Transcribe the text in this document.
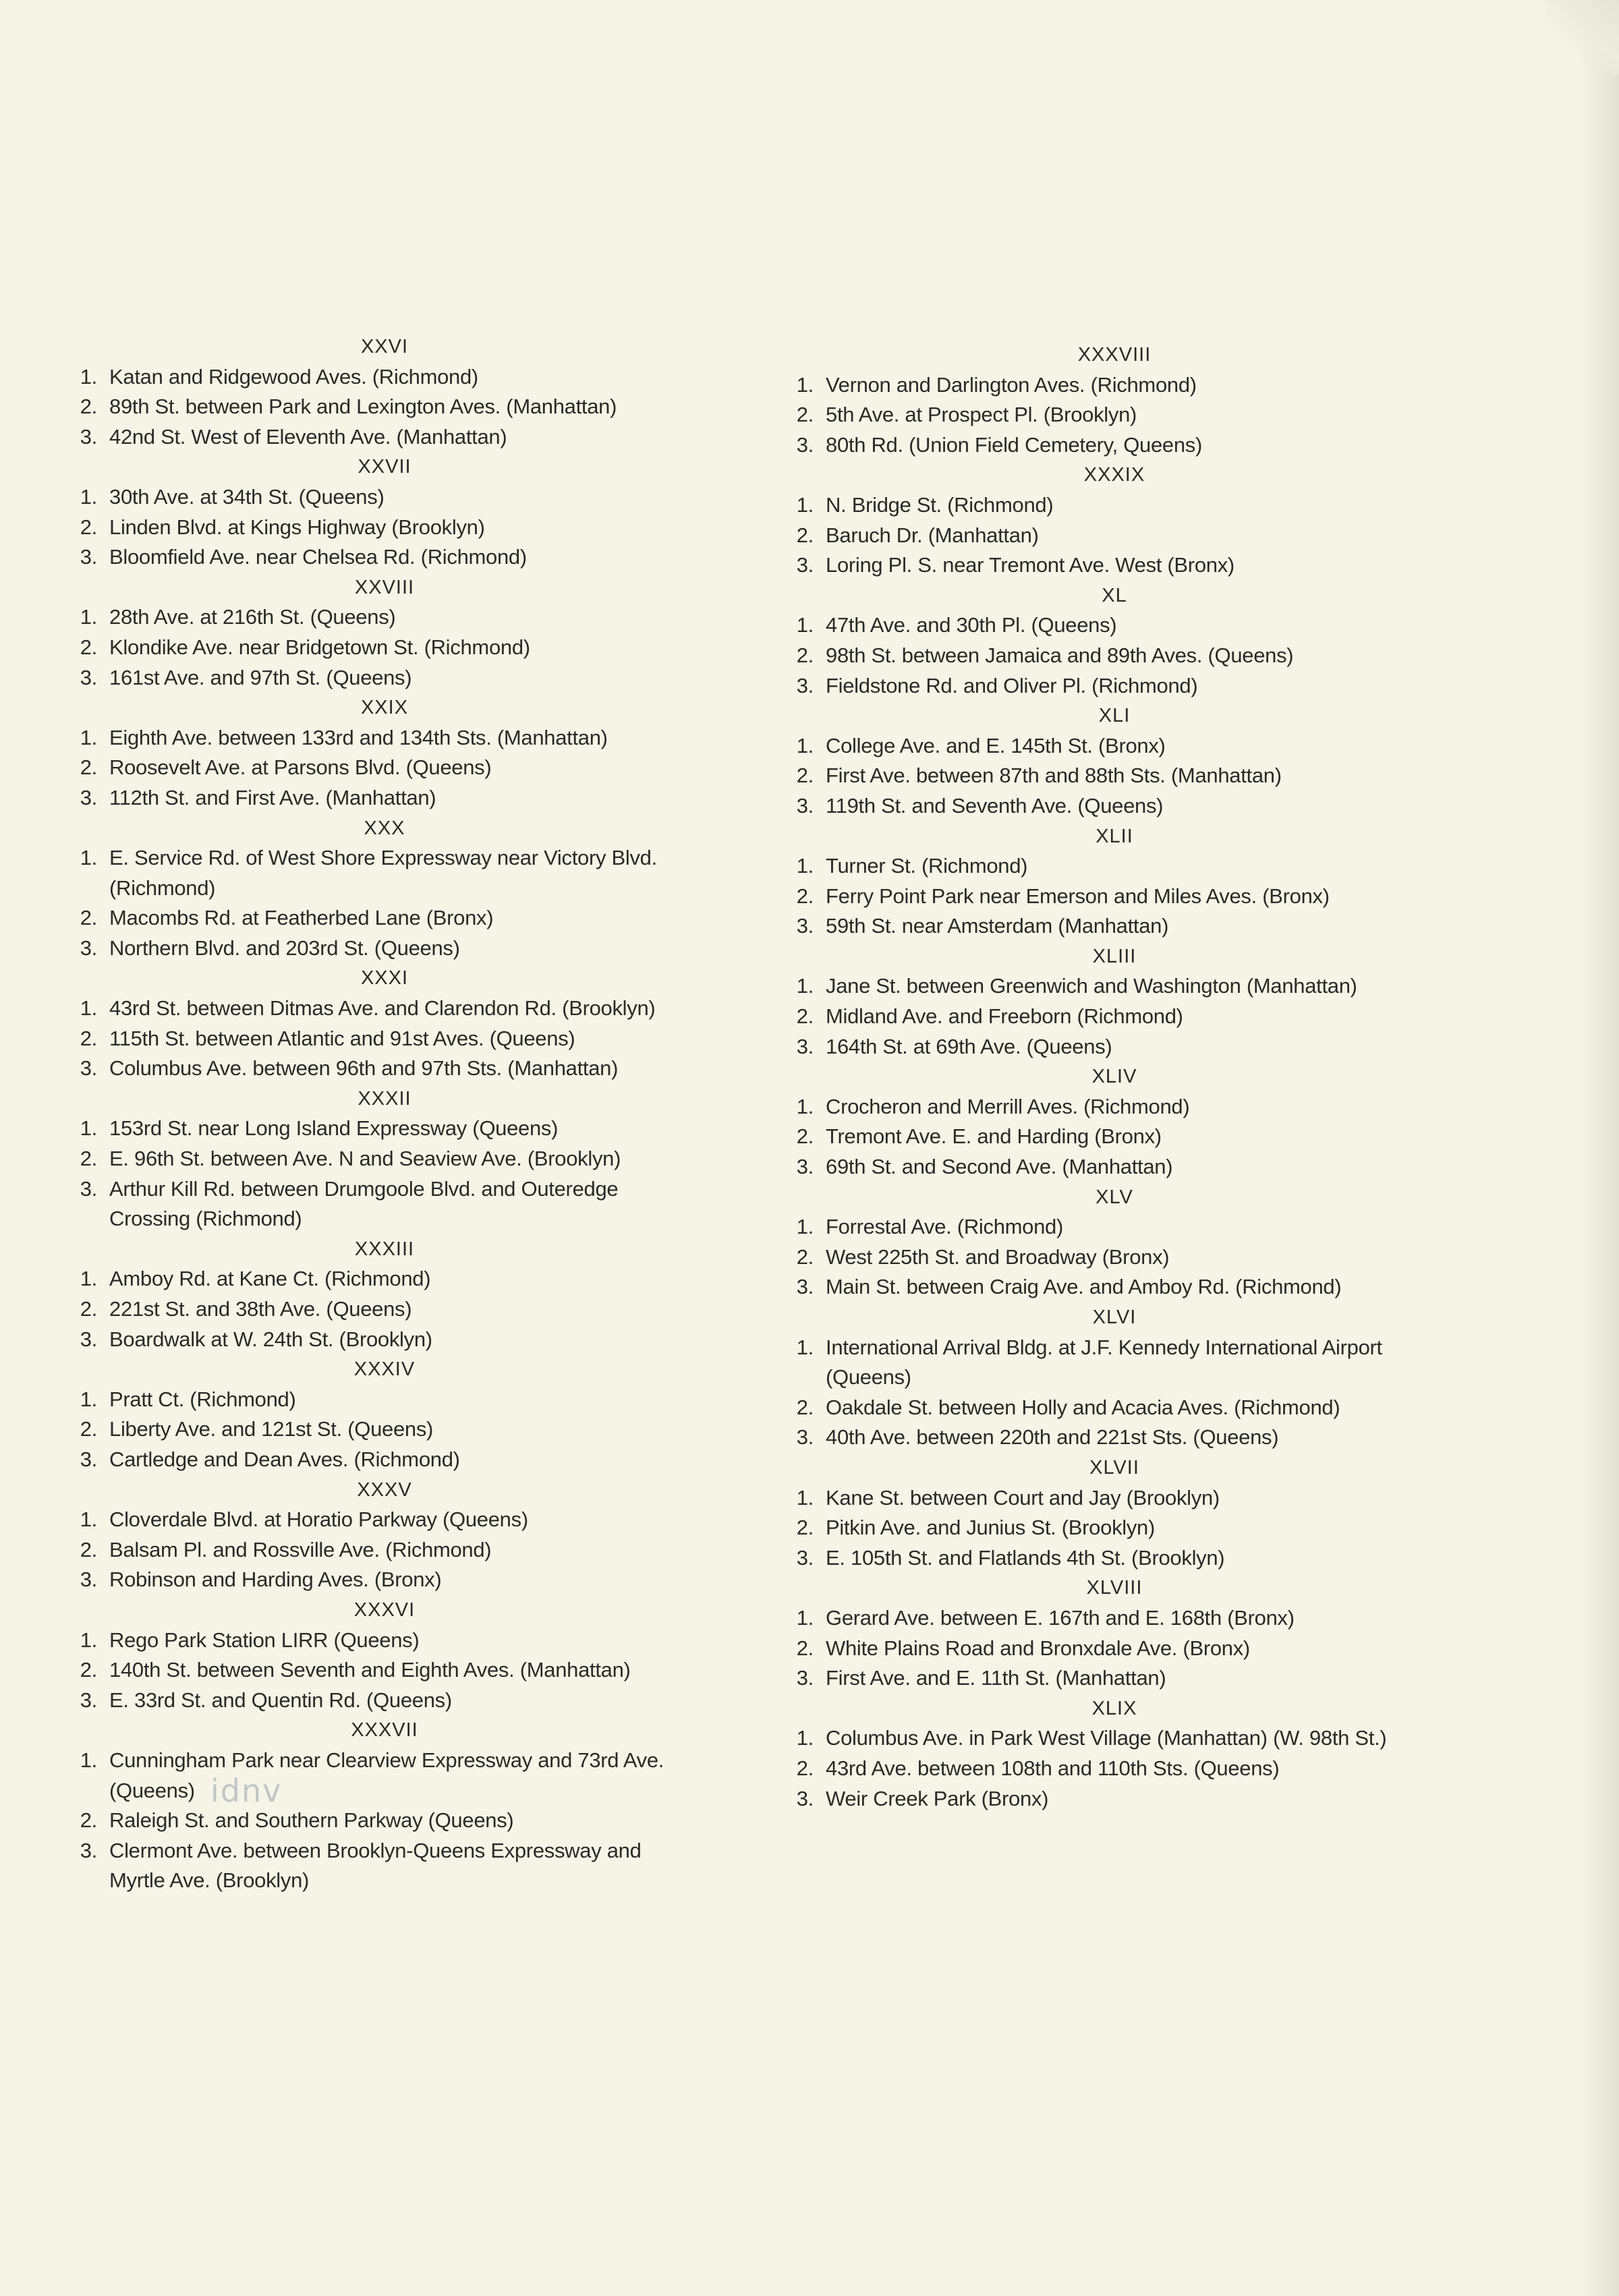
XXVI
1. Katan and Ridgewood Aves. (Richmond)
2. 89th St. between Park and Lexington Aves. (Manhattan)
3. 42nd St. West of Eleventh Ave. (Manhattan)
XXVII
1. 30th Ave. at 34th St. (Queens)
2. Linden Blvd. at Kings Highway (Brooklyn)
3. Bloomfield Ave. near Chelsea Rd. (Richmond)
XXVIII
1. 28th Ave. at 216th St. (Queens)
2. Klondike Ave. near Bridgetown St. (Richmond)
3. 161st Ave. and 97th St. (Queens)
XXIX
1. Eighth Ave. between 133rd and 134th Sts. (Manhattan)
2. Roosevelt Ave. at Parsons Blvd. (Queens)
3. 112th St. and First Ave. (Manhattan)
XXX
1. E. Service Rd. of West Shore Expressway near Victory Blvd. (Richmond)
2. Macombs Rd. at Featherbed Lane (Bronx)
3. Northern Blvd. and 203rd St. (Queens)
XXXI
1. 43rd St. between Ditmas Ave. and Clarendon Rd. (Brooklyn)
2. 115th St. between Atlantic and 91st Aves. (Queens)
3. Columbus Ave. between 96th and 97th Sts. (Manhattan)
XXXII
1. 153rd St. near Long Island Expressway (Queens)
2. E. 96th St. between Ave. N and Seaview Ave. (Brooklyn)
3. Arthur Kill Rd. between Drumgoole Blvd. and Outeredge Crossing (Richmond)
XXXIII
1. Amboy Rd. at Kane Ct. (Richmond)
2. 221st St. and 38th Ave. (Queens)
3. Boardwalk at W. 24th St. (Brooklyn)
XXXIV
1. Pratt Ct. (Richmond)
2. Liberty Ave. and 121st St. (Queens)
3. Cartledge and Dean Aves. (Richmond)
XXXV
1. Cloverdale Blvd. at Horatio Parkway (Queens)
2. Balsam Pl. and Rossville Ave. (Richmond)
3. Robinson and Harding Aves. (Bronx)
XXXVI
1. Rego Park Station LIRR (Queens)
2. 140th St. between Seventh and Eighth Aves. (Manhattan)
3. E. 33rd St. and Quentin Rd. (Queens)
XXXVII
1. Cunningham Park near Clearview Expressway and 73rd Ave. (Queens)
2. Raleigh St. and Southern Parkway (Queens)
3. Clermont Ave. between Brooklyn-Queens Expressway and Myrtle Ave. (Brooklyn)
XXXVIII
1. Vernon and Darlington Aves. (Richmond)
2. 5th Ave. at Prospect Pl. (Brooklyn)
3. 80th Rd. (Union Field Cemetery, Queens)
XXXIX
1. N. Bridge St. (Richmond)
2. Baruch Dr. (Manhattan)
3. Loring Pl. S. near Tremont Ave. West (Bronx)
XL
1. 47th Ave. and 30th Pl. (Queens)
2. 98th St. between Jamaica and 89th Aves. (Queens)
3. Fieldstone Rd. and Oliver Pl. (Richmond)
XLI
1. College Ave. and E. 145th St. (Bronx)
2. First Ave. between 87th and 88th Sts. (Manhattan)
3. 119th St. and Seventh Ave. (Queens)
XLII
1. Turner St. (Richmond)
2. Ferry Point Park near Emerson and Miles Aves. (Bronx)
3. 59th St. near Amsterdam (Manhattan)
XLIII
1. Jane St. between Greenwich and Washington (Manhattan)
2. Midland Ave. and Freeborn (Richmond)
3. 164th St. at 69th Ave. (Queens)
XLIV
1. Crocheron and Merrill Aves. (Richmond)
2. Tremont Ave. E. and Harding (Bronx)
3. 69th St. and Second Ave. (Manhattan)
XLV
1. Forrestal Ave. (Richmond)
2. West 225th St. and Broadway (Bronx)
3. Main St. between Craig Ave. and Amboy Rd. (Richmond)
XLVI
1. International Arrival Bldg. at J.F. Kennedy International Airport (Queens)
2. Oakdale St. between Holly and Acacia Aves. (Richmond)
3. 40th Ave. between 220th and 221st Sts. (Queens)
XLVII
1. Kane St. between Court and Jay (Brooklyn)
2. Pitkin Ave. and Junius St. (Brooklyn)
3. E. 105th St. and Flatlands 4th St. (Brooklyn)
XLVIII
1. Gerard Ave. between E. 167th and E. 168th (Bronx)
2. White Plains Road and Bronxdale Ave. (Bronx)
3. First Ave. and E. 11th St. (Manhattan)
XLIX
1. Columbus Ave. in Park West Village (Manhattan) (W. 98th St.)
2. 43rd Ave. between 108th and 110th Sts. (Queens)
3. Weir Creek Park (Bronx)
idnv
